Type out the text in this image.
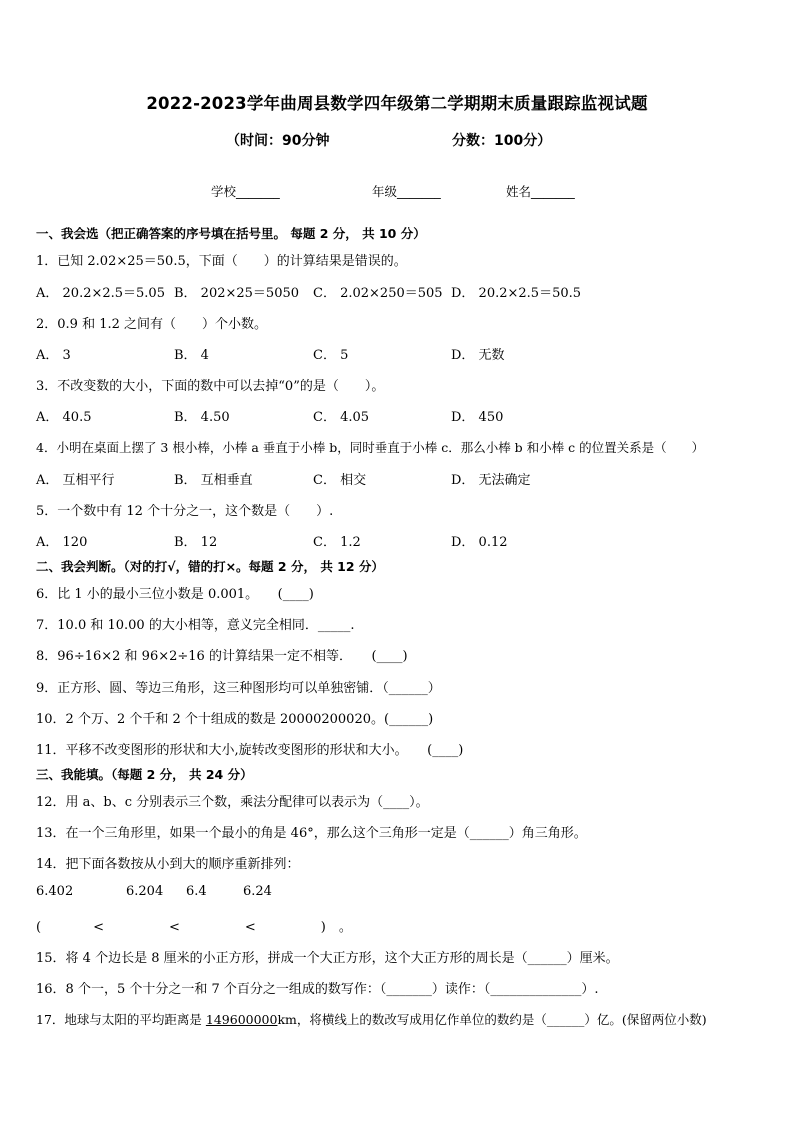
2022-2023学年曲周县数学四年级第二学期期末质量跟踪监视试题
（时间：90分钟	分数：100分）
学校_______	年级_______	姓名_______
一、我会选（把正确答案的序号填在括号里。 每题 2 分， 共 10 分）
1．已知 2.02×25＝50.5，下面（　　）的计算结果是错误的。
A． 20.2×2.5＝5.05 B． 202×25＝5050 C． 2.02×250＝505 D． 20.2×2.5＝50.5
2．0.9 和 1.2 之间有（　　）个小数。
A． 3	B． 4	C． 5	D． 无数
3．不改变数的大小，下面的数中可以去掉“0”的是（　　）。
A． 40.5	B． 4.50	C． 4.05	D． 450
4．小明在桌面上摆了 3 根小棒，小棒 a 垂直于小棒 b，同时垂直于小棒 c．那么小棒 b 和小棒 c 的位置关系是（　　）
A． 互相平行	B． 互相垂直	C． 相交	D． 无法确定
5．一个数中有 12 个十分之一，这个数是（　　）.
A． 120	B． 12	C． 1.2	D． 0.12
二、我会判断。（对的打√，错的打×。每题 2 分， 共 12 分）
6．比 1 小的最小三位小数是 0.001。　　(____)
7．10.0 和 10.00 的大小相等，意义完全相同．_____.
8．96÷16×2 和 96×2÷16 的计算结果一定不相等．　　(____)
9．正方形、圆、等边三角形，这三种图形均可以单独密铺．（______）
10．2 个万、2 个千和 2 个十组成的数是 20000200020。(______)
11．平移不改变图形的形状和大小,旋转改变图形的形状和大小。　　(____)
三、我能填。（每题 2 分， 共 24 分）
12．用 a、b、c 分别表示三个数，乘法分配律可以表示为（____）。
13．在一个三角形里，如果一个最小的角是 46°，那么这个三角形一定是（______）角三角形。
14．把下面各数按从小到大的顺序重新排列：
6.402	6.204 6.4	6.24
(　　　　<　　　　　<　　　　　<　　　　　)　。
15．将 4 个边长是 8 厘米的小正方形，拼成一个大正方形，这个大正方形的周长是（______）厘米。
16．8 个一，5 个十分之一和 7 个百分之一组成的数写作：（_______）读作：（______________）.
17．地球与太阳的平均距离是 149600000km，将横线上的数改写成用亿作单位的数约是（______）亿。(保留两位小数)
